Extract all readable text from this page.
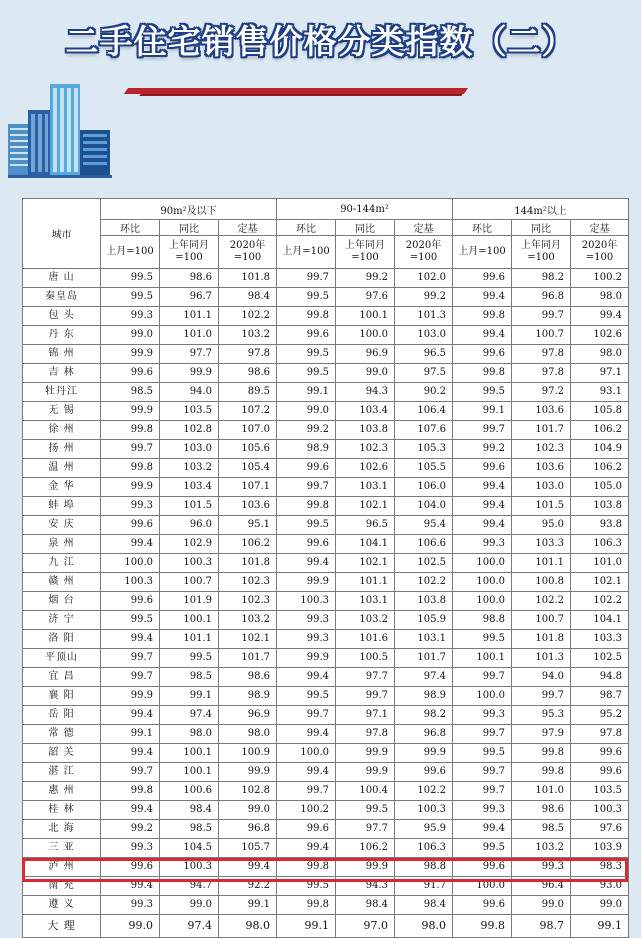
二手住宅销售价格分类指数（二）
城市	90m²及以下			90-144m²			144m²以上		
	环比	同比	定基	环比	同比	定基	环比	同比	定基
	上月=100	上年同月=100	2020年=100	上月=100	上年同月=100	2020年=100	上月=100	上年同月=100	2020年=100
唐 山	99.5	98.6	101.8	99.7	99.2	102.0	99.6	98.2	100.2
秦皇岛	99.5	96.7	98.4	99.5	97.6	99.2	99.4	96.8	98.0
包 头	99.3	101.1	102.2	99.8	100.1	101.3	99.8	99.7	99.4
丹 东	99.0	101.0	103.2	99.6	100.0	103.0	99.4	100.7	102.6
锦 州	99.9	97.7	97.8	99.5	96.9	96.5	99.6	97.8	98.0
吉 林	99.6	99.9	98.6	99.5	99.0	97.5	99.8	97.8	97.1
牡丹江	98.5	94.0	89.5	99.1	94.3	90.2	99.5	97.2	93.1
无 锡	99.9	103.5	107.2	99.0	103.4	106.4	99.1	103.6	105.8
徐 州	99.8	102.8	107.0	99.2	103.8	107.6	99.7	101.7	106.2
扬 州	99.7	103.0	105.6	98.9	102.3	105.3	99.2	102.3	104.9
温 州	99.8	103.2	105.4	99.6	102.6	105.5	99.6	103.6	106.2
金 华	99.9	103.4	107.1	99.7	103.1	106.0	99.4	103.0	105.0
蚌 埠	99.3	101.5	103.6	99.8	102.1	104.0	99.4	101.5	103.8
安 庆	99.6	96.0	95.1	99.5	96.5	95.4	99.4	95.0	93.8
泉 州	99.4	102.9	106.2	99.6	104.1	106.6	99.3	103.3	106.3
九 江	100.0	100.3	101.8	99.4	102.1	102.5	100.0	101.1	101.0
赣 州	100.3	100.7	102.3	99.9	101.1	102.2	100.0	100.8	102.1
烟 台	99.6	101.9	102.3	100.3	103.1	103.8	100.0	102.2	102.2
济 宁	99.5	100.1	103.2	99.3	103.2	105.9	98.8	100.7	104.1
洛 阳	99.4	101.1	102.1	99.3	101.6	103.1	99.5	101.8	103.3
平顶山	99.7	99.5	101.7	99.9	100.5	101.7	100.1	101.3	102.5
宜 昌	99.7	98.5	98.6	99.4	97.7	97.4	99.7	94.0	94.8
襄 阳	99.9	99.1	98.9	99.5	99.7	98.9	100.0	99.7	98.7
岳 阳	99.4	97.4	96.9	99.7	97.1	98.2	99.3	95.3	95.2
常 德	99.1	98.0	98.0	99.4	97.8	96.8	99.7	97.9	97.8
韶 关	99.4	100.1	100.9	100.0	99.9	99.9	99.5	99.8	99.6
湛 江	99.7	100.1	99.9	99.4	99.9	99.6	99.7	99.8	99.6
惠 州	99.8	100.6	102.8	99.7	100.4	102.2	99.7	101.0	103.5
桂 林	99.4	98.4	99.0	100.2	99.5	100.3	99.3	98.6	100.3
北 海	99.2	98.5	96.8	99.6	97.7	95.9	99.4	98.5	97.6
三 亚	99.3	104.5	105.7	99.4	106.2	106.3	99.5	103.2	103.9
泸 州	99.6	100.3	99.4	99.8	99.9	98.8	99.6	99.3	98.3
南 充	99.4	94.7	92.2	99.5	94.3	91.7	100.0	96.4	93.0
遵 义	99.3	99.0	99.1	99.8	98.4	98.4	99.6	99.0	99.0
大 理	99.0	97.4	98.0	99.1	97.0	98.0	99.8	98.7	99.1
